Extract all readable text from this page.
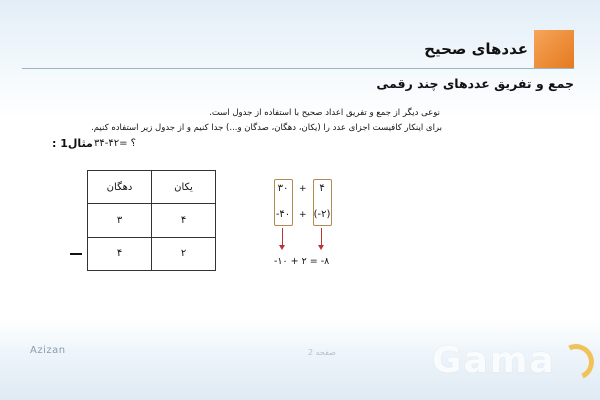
عددهای صحیح
جمع و تفریق عددهای چند رقمی
نوعی دیگر از جمع و تفریق اعداد صحیح با استفاده از جدول است.
برای اینکار کافیست اجزای عدد را (یکان، دهگان، صدگان و...) جدا کنیم و از جدول زیر استفاده کنیم.
مثال1 : ۳۴-۴۲= ؟
دهگان	یکان
۳	۴
۴	۲
۳۰
-۴۰
۴
(-۲)
+
+
-۱۰ + ۲ = -۸
Azizan	صفحه 2	Gama
